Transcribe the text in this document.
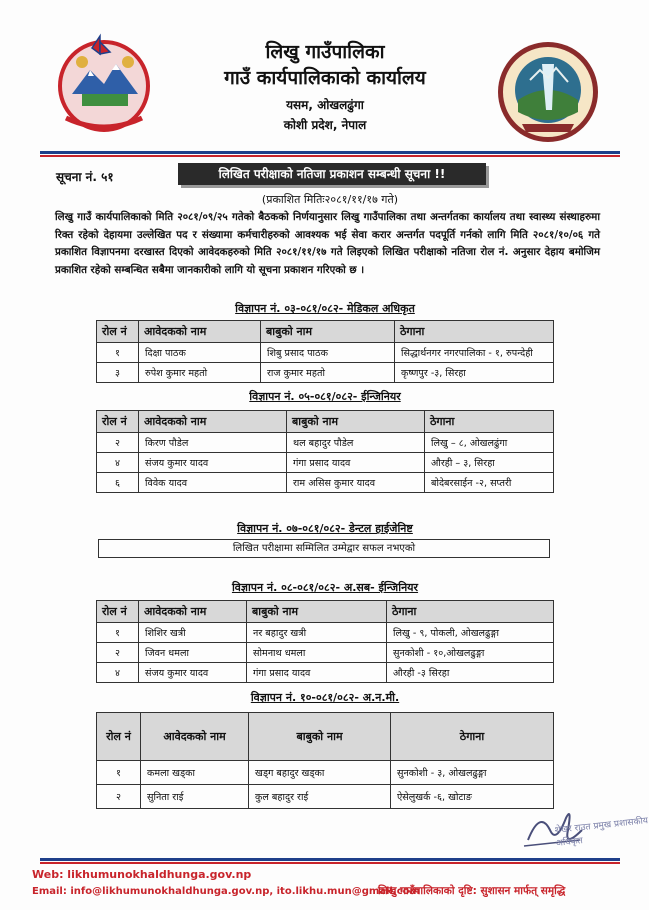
लिखु गाउँपालिका
गाउँ कार्यपालिकाको कार्यालय
यसम, ओखलढुंगा
कोशी प्रदेश, नेपाल
सूचना नं. ५१	लिखित परीक्षाको नतिजा प्रकाशन सम्बन्धी सूचना !!
(प्रकाशित मितिः२०८१/११/१७ गते)
लिखु गाउँ कार्यपालिकाको मिति २०८१/०९/२५ गतेको बैठकको निर्णयानुसार लिखु गाउँपालिका तथा अन्तर्गतका कार्यालय तथा स्वास्थ्य संस्थाहरुमा रिक्त रहेको देहायमा उल्लेखित पद र संख्यामा कर्मचारीहरुको आवश्यक भई सेवा करार अन्तर्गत पदपूर्ति गर्नको लागि मिति २०८१/१०/०६ गते प्रकाशित विज्ञापनमा दरखास्त दिएको आवेदकहरुको मिति २०८१/११/१७ गते लिइएको लिखित परीक्षाको नतिजा रोल नं. अनुसार देहाय बमोजिम प्रकाशित रहेको सम्बन्धित सबैमा जानकारीको लागि यो सूचना प्रकाशन गरिएको छ ।
विज्ञापन नं. ०३-०८१/०८२- मेडिकल अधिकृत
रोल नं	आवेदकको नाम	बाबुको नाम	ठेगाना
१	दिक्षा पाठक	शिबु प्रसाद पाठक	सिद्धार्थनगर नगरपालिका - १, रुपन्देही
३	रुपेश कुमार महतो	राज कुमार महतो	कृष्णपुर -३, सिरहा
विज्ञापन नं. ०५-०८१/०८२- ईन्जिनियर
रोल नं	आवेदकको नाम	बाबुको नाम	ठेगाना
२	किरण पौडेल	थल बहादुर पौडेल	लिखु – ८, ओखलढुंगा
४	संजय कुमार यादव	गंगा प्रसाद यादव	औरही – ३, सिरहा
६	विवेक यादव	राम असिस कुमार यादव	बोदेबरसाईन -२, सप्तरी
विज्ञापन नं. ०७-०८१/०८२- डेन्टल हाईजेनिष्ट
लिखित परीक्षामा सम्मिलित उम्मेद्वार सफल नभएको
विज्ञापन नं. ०८-०८१/०८२- अ.सब- ईन्जिनियर
रोल नं	आवेदकको नाम	बाबुको नाम	ठेगाना
१	शिशिर खत्री	नर बहादुर खत्री	लिखु - ९, पोकली, ओखलढुङ्गा
२	जिवन धमला	सोमनाथ धमला	सुनकोशी - १०,ओखलढुङ्गा
४	संजय कुमार यादव	गंगा प्रसाद यादव	औरही -३ सिरहा
विज्ञापन नं. १०-०८१/०८२- अ.न.मी.
रोल नं	आवेदकको नाम	बाबुको नाम	ठेगाना
१	कमला खड्का	खड्ग बहादुर खड्का	सुनकोशी - ३, ओखलढुङ्गा
२	सुनिता राई	कुल बहादुर राई	ऐसेलुखर्क -६, खोटाङ
शेखर राउत प्रमुख प्रशासकीय अधिकृत
Web: likhumunokhaldhunga.gov.np
Email: info@likhumunokhaldhunga.gov.np, ito.likhu.mun@gmail.com
लिखु गाउँपालिकाको दृष्टि: सुशासन मार्फत् समृद्धि
